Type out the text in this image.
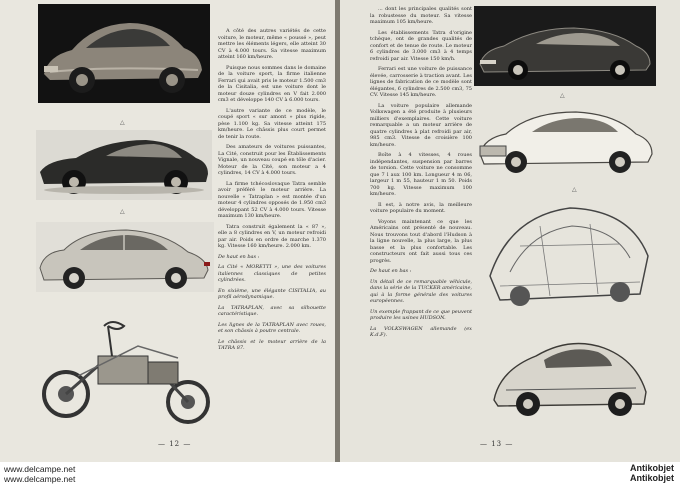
△
△

A côté des autres variétés de cette voiture, le moteur, même « poussé », peut mettre les éléments légers, elle atteint 30 CV à 4.000 tours. Sa vitesse maximum atteint 160 km/heure.

Puisque nous sommes dans le domaine de la voiture sport, la firme italienne Ferrari qui avait pris le moteur 1.500 cm3 de la Cisitalia, est une voiture dont le moteur douze cylindres en V fait 2.000 cm3 et développe 140 CV à 6.000 tours.

L'autre variante de ce modèle, le coupé sport « sur amont » plus rigide, pèse 1.100 kg. Sa vitesse atteint 175 km/heure. Le châssis plus court permet de tenir la route.

Des amateurs de voitures puissantes, La Cité, construit pour les Établissements Vignale, un nouveau coupé en tôle d'acier. Moteur de la Cité, son moteur a 4 cylindres, 14 CV à 4.000 tours.

La firme tchécoslovaque Tatra semble avoir préféré le moteur arrière. La nouvelle « Tatraplan » est montée d'un moteur 4 cylindres opposés de 1.950 cm3 développant 52 CV à 4.000 tours. Vitesse maximum 130 km/heure.

Tatra construit également la « 87 », elle a 8 cylindres en V, un moteur refroidi par air. Poids en ordre de marche 1.370 kg. Vitesse 160 km/heure. 2.000 km.

De haut en bas :

La Cité « MORETTI », une des voitures italiennes classiques de petites cylindrées.

En sixième, une élégante CISITALIA, au profil aérodynamique.

La TATRAPLAN, avec sa silhouette caractéristique.

Les lignes de la TATRAPLAN avec roues, et son châssis à poutre centrale.

Le châssis et le moteur arrière de la TATRA 87.

— 12 —

... dont les principales qualités sont la robustesse du moteur. Sa vitesse maximum 105 km/heure.

Les établissements Tatra d'origine tchèque, ont de grandes qualités de confort et de tenue de route. Le moteur 6 cylindres de 3.000 cm3 à 4 temps refroidi par air. Vitesse 150 km/h.

Ferrari est une voiture de puissance élevée, carrosserie à traction avant. Les lignes de fabrication de ce modèle sont élégantes, 6 cylindres de 2.500 cm3, 75 CV. Vitesse 145 km/heure.

La voiture populaire allemande Volkswagen a été produite à plusieurs milliers d'exemplaires. Cette voiture remarquable a un moteur arrière de quatre cylindres à plat refroidi par air, 985 cm3. Vitesse de croisière 100 km/heure.

Boîte à 4 vitesses, 4 roues indépendantes, suspension par barres de torsion. Cette voiture ne consomme que 7 l aux 100 km. Longueur 4 m 06, largeur 1 m 55, hauteur 1 m 50. Poids 700 kg. Vitesse maximum 100 km/heure.

Il est, à notre avis, la meilleure voiture populaire du moment.

Voyons maintenant ce que les Américains ont présenté de nouveau. Nous trouvons tout d'abord l'Hudson à la ligne nouvelle, la plus large, la plus basse et la plus confortable. Les constructeurs ont fait aussi tous ces progrès.

De haut en bas :

Un détail de ce remarquable véhicule, dans la série de la TUCKER américaine, qui à la forme générale des voitures européennes.

Un exemple frappant de ce que peuvent produire les usines HUDSON.

La VOLKSWAGEN allemande (ex K.d.F).

△
△
— 13 —
www.delcampe.net
www.delcampe.net
Antikobjet
Antikobjet
